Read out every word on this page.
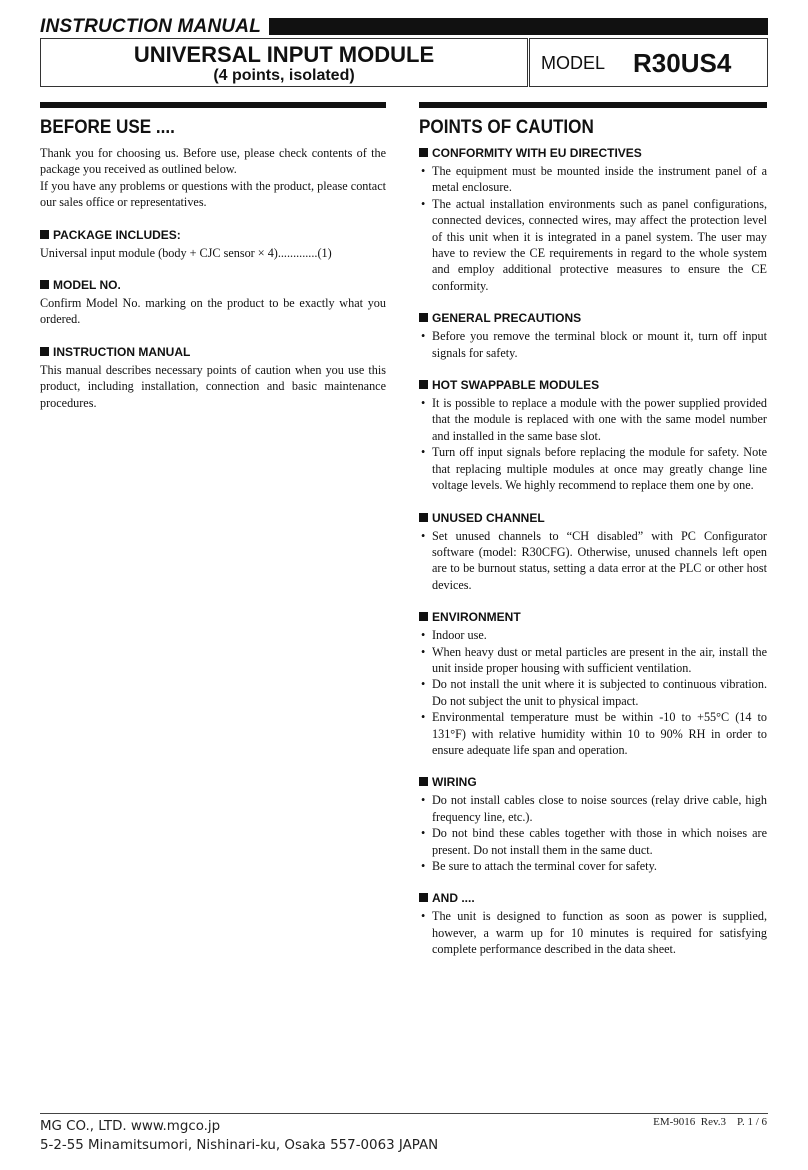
INSTRUCTION MANUAL
UNIVERSAL INPUT MODULE
(4 points, isolated)
MODEL R30US4
BEFORE USE ....

Thank you for choosing us. Before use, please check contents of the package you received as outlined below.

If you have any problems or questions with the product, please contact our sales office or representatives.

PACKAGE INCLUDES:

Universal input module (body + CJC sensor × 4).............(1)

MODEL NO.

Confirm Model No. marking on the product to be exactly what you ordered.

INSTRUCTION MANUAL

This manual describes necessary points of caution when you use this product, including installation, connection and basic maintenance procedures.

POINTS OF CAUTION
CONFORMITY WITH EU DIRECTIVES
• The equipment must be mounted inside the instrument panel of a metal enclosure.
• The actual installation environments such as panel configurations, connected devices, connected wires, may affect the protection level of this unit when it is integrated in a panel system. The user may have to review the CE requirements in regard to the whole system and employ additional protective measures to ensure the CE conformity.
GENERAL PRECAUTIONS
• Before you remove the terminal block or mount it, turn off input signals for safety.
HOT SWAPPABLE MODULES
• It is possible to replace a module with the power supplied provided that the module is replaced with one with the same model number and installed in the same base slot.
• Turn off input signals before replacing the module for safety. Note that replacing multiple modules at once may greatly change line voltage levels. We highly recommend to replace them one by one.
UNUSED CHANNEL
• Set unused channels to “CH disabled” with PC Configurator software (model: R30CFG). Otherwise, unused channels left open are to be burnout status, setting a data error at the PLC or other host devices.
ENVIRONMENT
• Indoor use.
• When heavy dust or metal particles are present in the air, install the unit inside proper housing with sufficient ventilation.
• Do not install the unit where it is subjected to continuous vibration. Do not subject the unit to physical impact.
• Environmental temperature must be within -10 to +55°C (14 to 131°F) with relative humidity within 10 to 90% RH in order to ensure adequate life span and operation.
WIRING
• Do not install cables close to noise sources (relay drive cable, high frequency line, etc.).
• Do not bind these cables together with those in which noises are present. Do not install them in the same duct.
• Be sure to attach the terminal cover for safety.
AND ....
• The unit is designed to function as soon as power is supplied, however, a warm up for 10 minutes is required for satisfying complete performance described in the data sheet.
MG CO., LTD. www.mgco.jp
5-2-55 Minamitsumori, Nishinari-ku, Osaka 557-0063 JAPAN
EM-9016  Rev.3    P. 1 / 6
